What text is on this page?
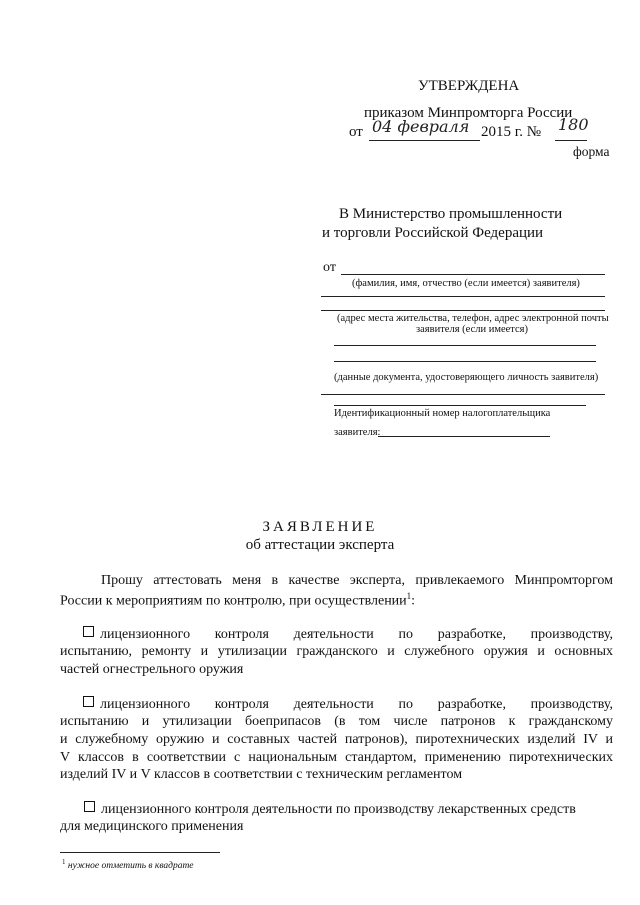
УТВЕРЖДЕНА
приказом Минпромторга России
от 04 февраля 2015 г. № 180
форма
В Министерство промышленности
и торговли Российской Федерации
от
(фамилия, имя, отчество (если имеется) заявителя)
(адрес места жительства, телефон, адрес электронной почты
заявителя (если имеется)
(данные документа, удостоверяющего личность заявителя)
Идентификационный номер налогоплательщика
заявителя:
ЗАЯВЛЕНИЕ
об аттестации эксперта
Прошу аттестовать меня в качестве эксперта, привлекаемого Минпромторгом
России к мероприятиям по контролю, при осуществлении$^1$:
лицензионного контроля деятельности по разработке, производству,
испытанию, ремонту и утилизации гражданского и служебного оружия и основных
частей огнестрельного оружия
лицензионного контроля деятельности по разработке, производству,
испытанию и утилизации боеприпасов (в том числе патронов к гражданскому
и служебному оружию и составных частей патронов), пиротехнических изделий IV и
V классов в соответствии с национальным стандартом, применению пиротехнических
изделий IV и V классов в соответствии с техническим регламентом
лицензионного контроля деятельности по производству лекарственных средств
для медицинского применения
$^1$ нужное отметить в квадрате
